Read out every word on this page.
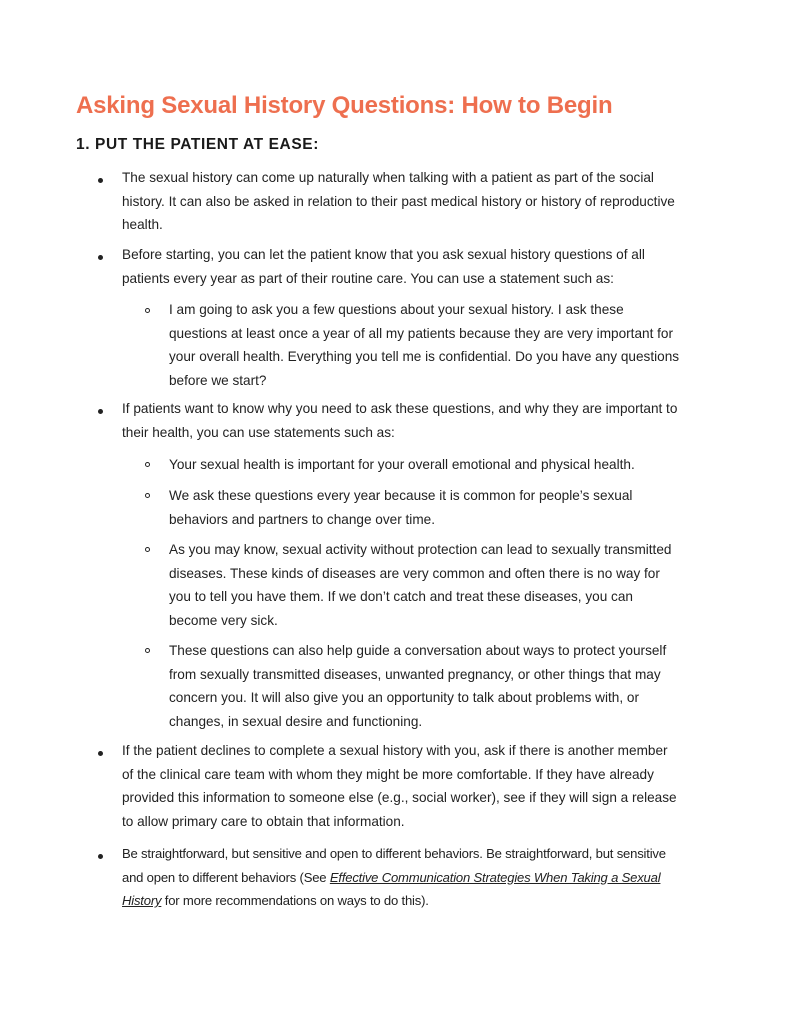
Asking Sexual History Questions: How to Begin
1. PUT THE PATIENT AT EASE:

The sexual history can come up naturally when talking with a patient as part of the social history. It can also be asked in relation to their past medical history or history of reproductive health.

Before starting, you can let the patient know that you ask sexual history questions of all patients every year as part of their routine care. You can use a statement such as:

I am going to ask you a few questions about your sexual history. I ask these questions at least once a year of all my patients because they are very important for your overall health. Everything you tell me is confidential. Do you have any questions before we start?

If patients want to know why you need to ask these questions, and why they are important to their health, you can use statements such as:

Your sexual health is important for your overall emotional and physical health.

We ask these questions every year because it is common for people’s sexual behaviors and partners to change over time.

As you may know, sexual activity without protection can lead to sexually transmitted diseases. These kinds of diseases are very common and often there is no way for you to tell you have them. If we don’t catch and treat these diseases, you can become very sick.

These questions can also help guide a conversation about ways to protect yourself from sexually transmitted diseases, unwanted pregnancy, or other things that may concern you. It will also give you an opportunity to talk about problems with, or changes, in sexual desire and functioning.

If the patient declines to complete a sexual history with you, ask if there is another member of the clinical care team with whom they might be more comfortable. If they have already provided this information to someone else (e.g., social worker), see if they will sign a release to allow primary care to obtain that information.

Be straightforward, but sensitive and open to different behaviors. Be straightforward, but sensitive and open to different behaviors (See Effective Communication Strategies When Taking a Sexual History for more recommendations on ways to do this).
